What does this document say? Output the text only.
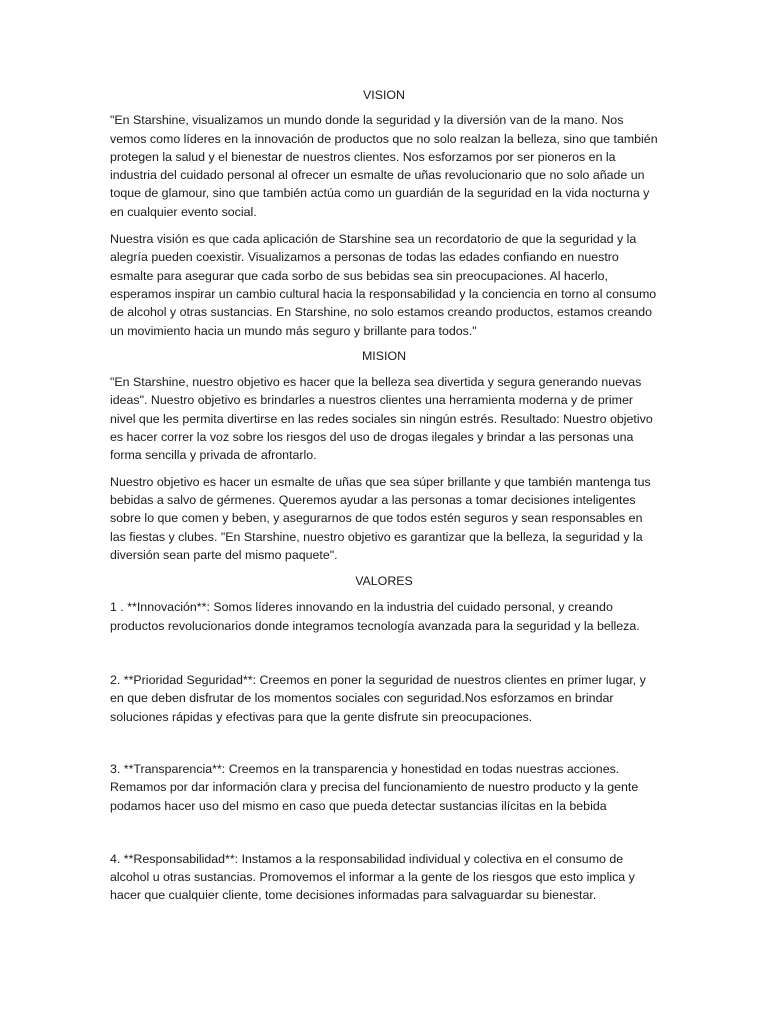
VISION

"En Starshine, visualizamos un mundo donde la seguridad y la diversión van de la mano. Nos vemos como líderes en la innovación de productos que no solo realzan la belleza, sino que también protegen la salud y el bienestar de nuestros clientes. Nos esforzamos por ser pioneros en la industria del cuidado personal al ofrecer un esmalte de uñas revolucionario que no solo añade un toque de glamour, sino que también actúa como un guardián de la seguridad en la vida nocturna y en cualquier evento social.

Nuestra visión es que cada aplicación de Starshine sea un recordatorio de que la seguridad y la alegría pueden coexistir. Visualizamos a personas de todas las edades confiando en nuestro esmalte para asegurar que cada sorbo de sus bebidas sea sin preocupaciones. Al hacerlo, esperamos inspirar un cambio cultural hacia la responsabilidad y la conciencia en torno al consumo de alcohol y otras sustancias. En Starshine, no solo estamos creando productos, estamos creando un movimiento hacia un mundo más seguro y brillante para todos."

MISION

"En Starshine, nuestro objetivo es hacer que la belleza sea divertida y segura generando nuevas ideas". Nuestro objetivo es brindarles a nuestros clientes una herramienta moderna y de primer nivel que les permita divertirse en las redes sociales sin ningún estrés. Resultado: Nuestro objetivo es hacer correr la voz sobre los riesgos del uso de drogas ilegales y brindar a las personas una forma sencilla y privada de afrontarlo.

Nuestro objetivo es hacer un esmalte de uñas que sea súper brillante y que también mantenga tus bebidas a salvo de gérmenes. Queremos ayudar a las personas a tomar decisiones inteligentes sobre lo que comen y beben, y asegurarnos de que todos estén seguros y sean responsables en las fiestas y clubes. "En Starshine, nuestro objetivo es garantizar que la belleza, la seguridad y la diversión sean parte del mismo paquete".

VALORES

1 . **Innovación**: Somos líderes innovando en la industria del cuidado personal, y creando productos revolucionarios donde integramos tecnología avanzada para la seguridad y la belleza.

2. **Prioridad Seguridad**: Creemos en poner la seguridad de nuestros clientes en primer lugar, y en que deben disfrutar de los momentos sociales con seguridad.Nos esforzamos en brindar soluciones rápidas y efectivas para que la gente disfrute sin preocupaciones.

3. **Transparencia**: Creemos en la transparencia y honestidad en todas nuestras acciones. Remamos por dar información clara y precisa del funcionamiento de nuestro producto y la gente podamos hacer uso del mismo en caso que pueda detectar sustancias ilícitas en la bebida

4. **Responsabilidad**: Instamos a la responsabilidad individual y colectiva en el consumo de alcohol u otras sustancias. Promovemos el informar a la gente de los riesgos que esto implica y hacer que cualquier cliente, tome decisiones informadas para salvaguardar su bienestar.
